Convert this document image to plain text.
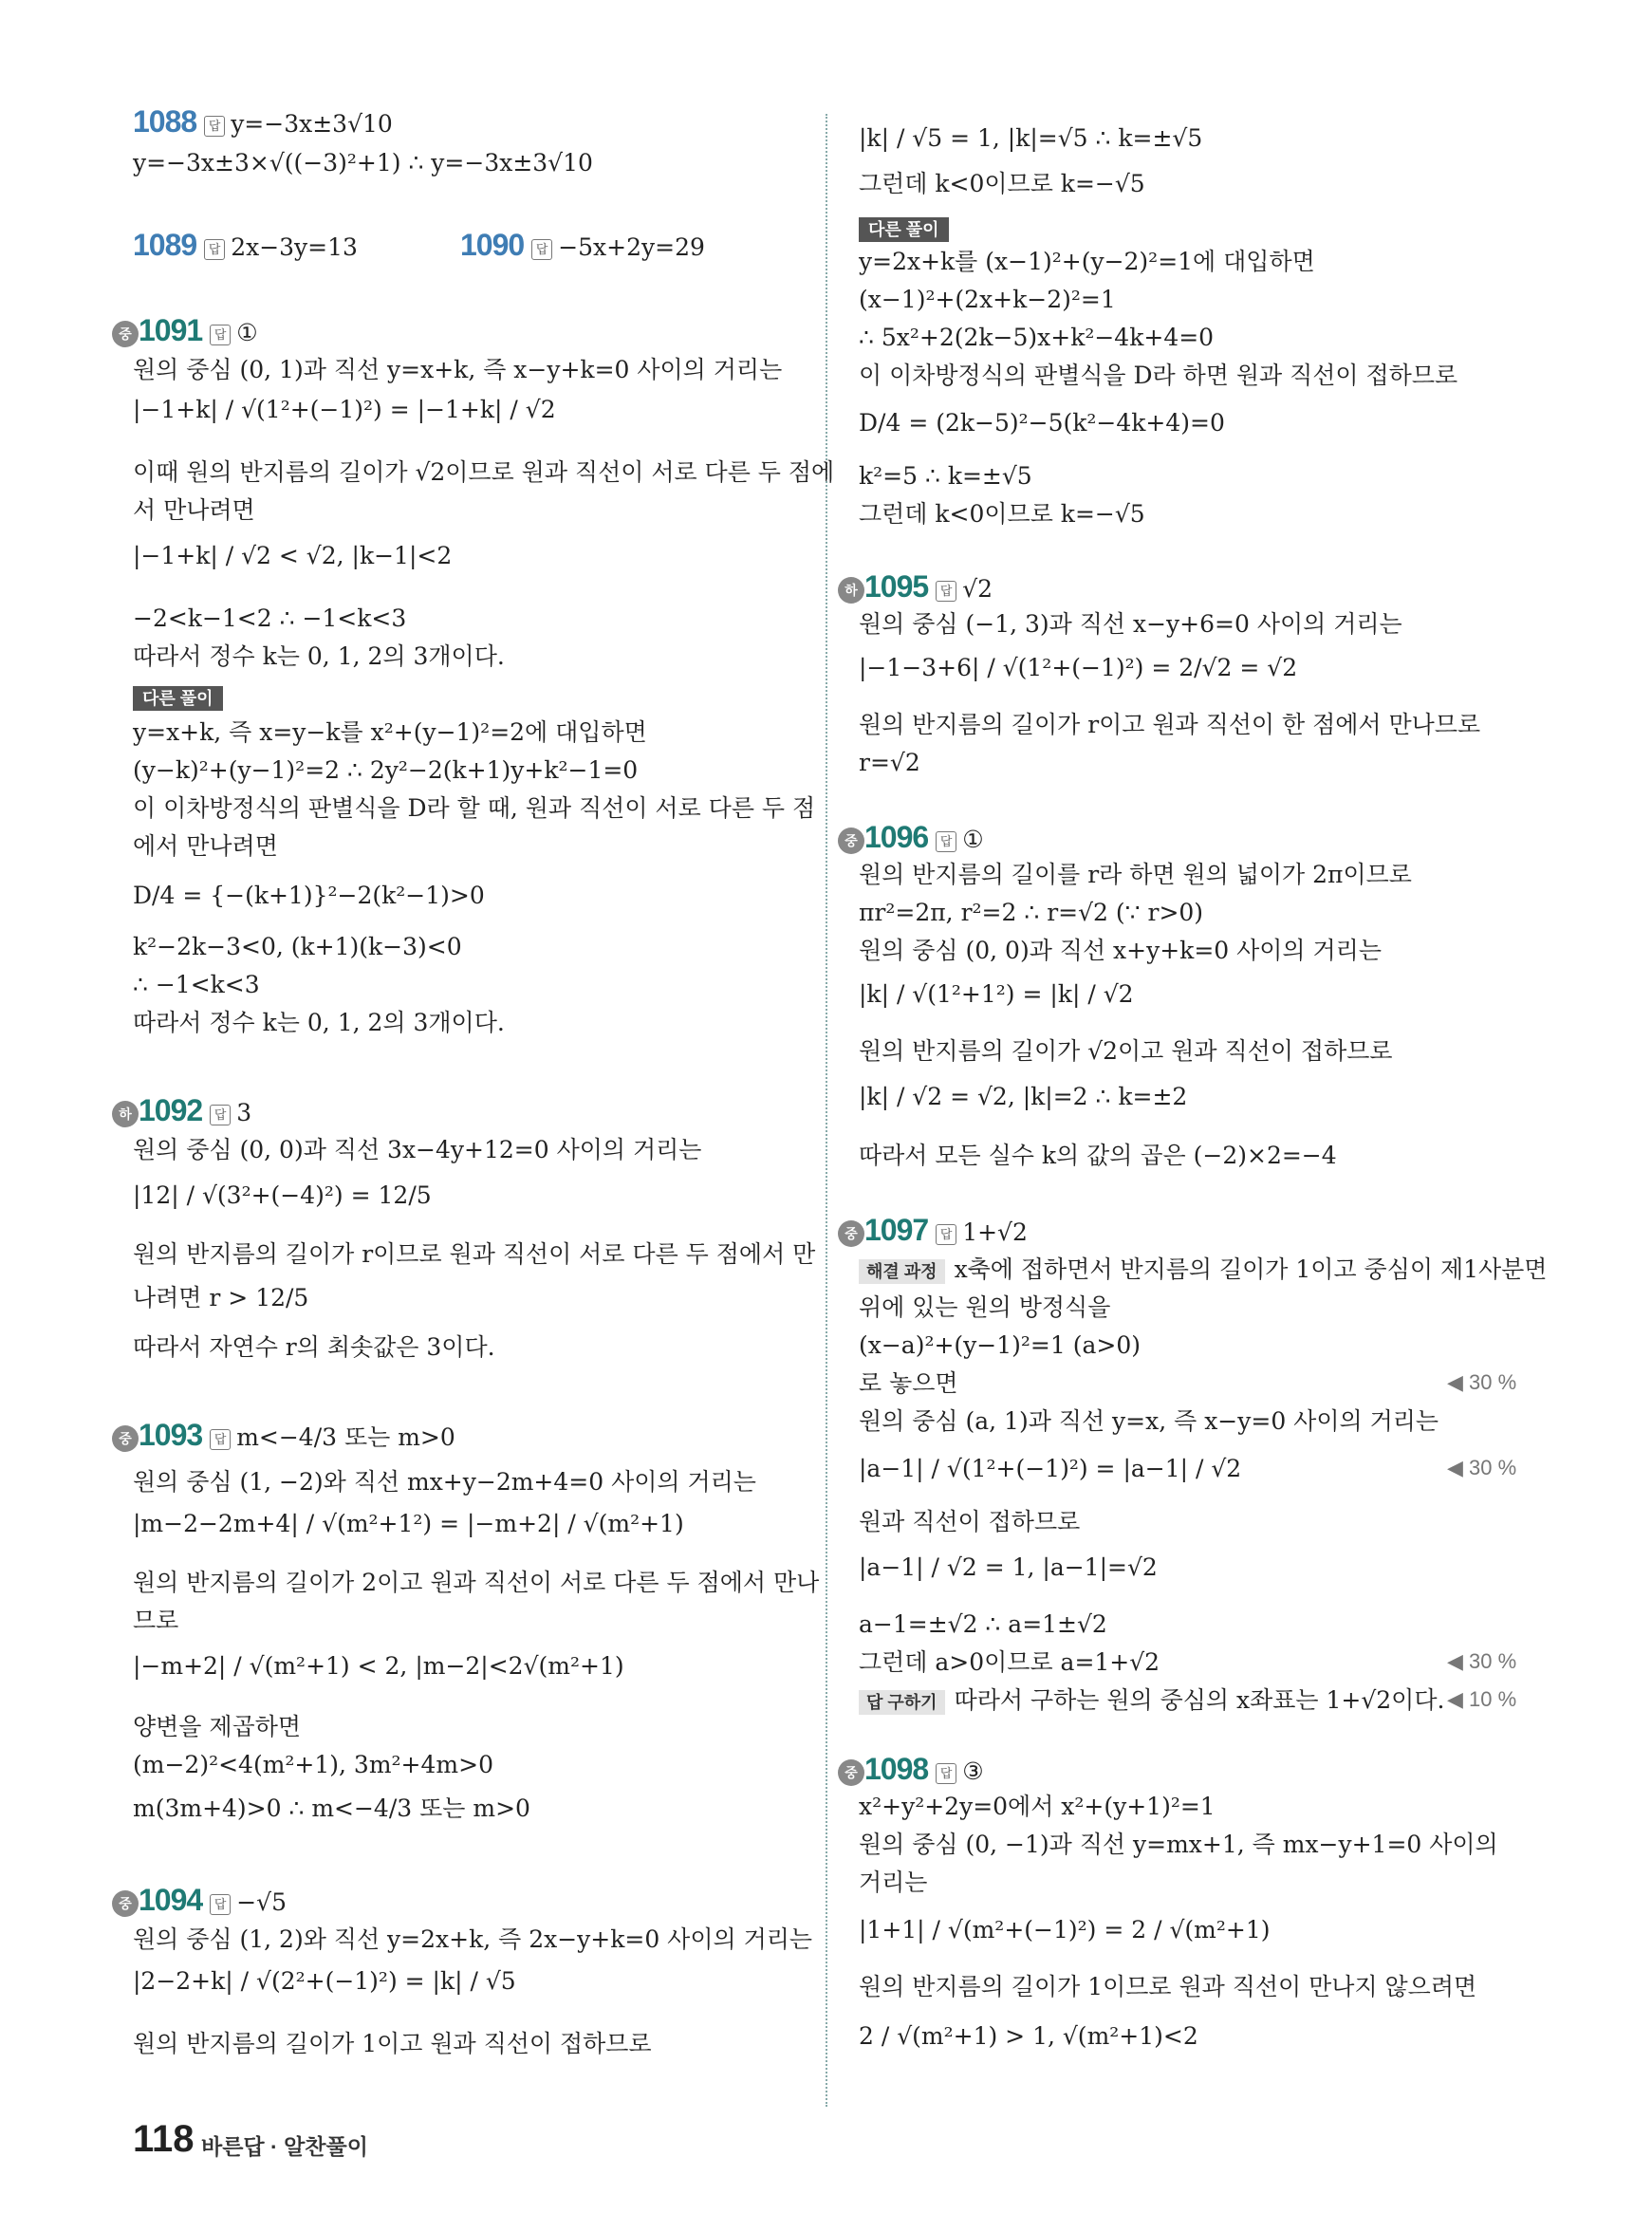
1088 답 y=−3x±3√10
y=−3x±3×√((−3)²+1) ∴ y=−3x±3√10
1089 답 2x−3y=13	1090 답 −5x+2y=29
중 1091 답 ①
원의 중심 (0, 1)과 직선 y=x+k, 즉 x−y+k=0 사이의 거리는
|−1+k| / √(1²+(−1)²) = |−1+k| / √2
이때 원의 반지름의 길이가 √2이므로 원과 직선이 서로 다른 두 점에
서 만나려면
|−1+k| / √2 < √2, |k−1|<2
−2<k−1<2 ∴ −1<k<3
따라서 정수 k는 0, 1, 2의 3개이다.
다른 풀이
y=x+k, 즉 x=y−k를 x²+(y−1)²=2에 대입하면
(y−k)²+(y−1)²=2 ∴ 2y²−2(k+1)y+k²−1=0
이 이차방정식의 판별식을 D라 할 때, 원과 직선이 서로 다른 두 점
에서 만나려면
D/4 = {−(k+1)}²−2(k²−1)>0
k²−2k−3<0, (k+1)(k−3)<0
∴ −1<k<3
따라서 정수 k는 0, 1, 2의 3개이다.
하 1092 답 3
원의 중심 (0, 0)과 직선 3x−4y+12=0 사이의 거리는
|12| / √(3²+(−4)²) = 12/5
원의 반지름의 길이가 r이므로 원과 직선이 서로 다른 두 점에서 만
나려면 r > 12/5
따라서 자연수 r의 최솟값은 3이다.
중 1093 답 m<−4/3 또는 m>0
원의 중심 (1, −2)와 직선 mx+y−2m+4=0 사이의 거리는
|m−2−2m+4| / √(m²+1²) = |−m+2| / √(m²+1)
원의 반지름의 길이가 2이고 원과 직선이 서로 다른 두 점에서 만나
므로
|−m+2| / √(m²+1) < 2, |m−2|<2√(m²+1)
양변을 제곱하면
(m−2)²<4(m²+1), 3m²+4m>0
m(3m+4)>0 ∴ m<−4/3 또는 m>0
중 1094 답 −√5
원의 중심 (1, 2)와 직선 y=2x+k, 즉 2x−y+k=0 사이의 거리는
|2−2+k| / √(2²+(−1)²) = |k| / √5
원의 반지름의 길이가 1이고 원과 직선이 접하므로
|k| / √5 = 1, |k|=√5 ∴ k=±√5
그런데 k<0이므로 k=−√5
다른 풀이
y=2x+k를 (x−1)²+(y−2)²=1에 대입하면
(x−1)²+(2x+k−2)²=1
∴ 5x²+2(2k−5)x+k²−4k+4=0
이 이차방정식의 판별식을 D라 하면 원과 직선이 접하므로
D/4 = (2k−5)²−5(k²−4k+4)=0
k²=5 ∴ k=±√5
그런데 k<0이므로 k=−√5
하 1095 답 √2
원의 중심 (−1, 3)과 직선 x−y+6=0 사이의 거리는
|−1−3+6| / √(1²+(−1)²) = 2/√2 = √2
원의 반지름의 길이가 r이고 원과 직선이 한 점에서 만나므로
r=√2
중 1096 답 ①
원의 반지름의 길이를 r라 하면 원의 넓이가 2π이므로
πr²=2π, r²=2 ∴ r=√2 (∵ r>0)
원의 중심 (0, 0)과 직선 x+y+k=0 사이의 거리는
|k| / √(1²+1²) = |k| / √2
원의 반지름의 길이가 √2이고 원과 직선이 접하므로
|k| / √2 = √2, |k|=2 ∴ k=±2
따라서 모든 실수 k의 값의 곱은 (−2)×2=−4
중 1097 답 1+√2
해결 과정 x축에 접하면서 반지름의 길이가 1이고 중심이 제1사분면
위에 있는 원의 방정식을
(x−a)²+(y−1)²=1 (a>0)
로 놓으면	◀ 30 %
원의 중심 (a, 1)과 직선 y=x, 즉 x−y=0 사이의 거리는
|a−1| / √(1²+(−1)²) = |a−1| / √2	◀ 30 %
원과 직선이 접하므로
|a−1| / √2 = 1, |a−1|=√2
a−1=±√2 ∴ a=1±√2
그런데 a>0이므로 a=1+√2	◀ 30 %
답 구하기 따라서 구하는 원의 중심의 x좌표는 1+√2이다. ◀ 10 %
중 1098 답 ③
x²+y²+2y=0에서 x²+(y+1)²=1
원의 중심 (0, −1)과 직선 y=mx+1, 즉 mx−y+1=0 사이의
거리는
|1+1| / √(m²+(−1)²) = 2 / √(m²+1)
원의 반지름의 길이가 1이므로 원과 직선이 만나지 않으려면
2 / √(m²+1) > 1, √(m²+1)<2
118 바른답 · 알찬풀이
